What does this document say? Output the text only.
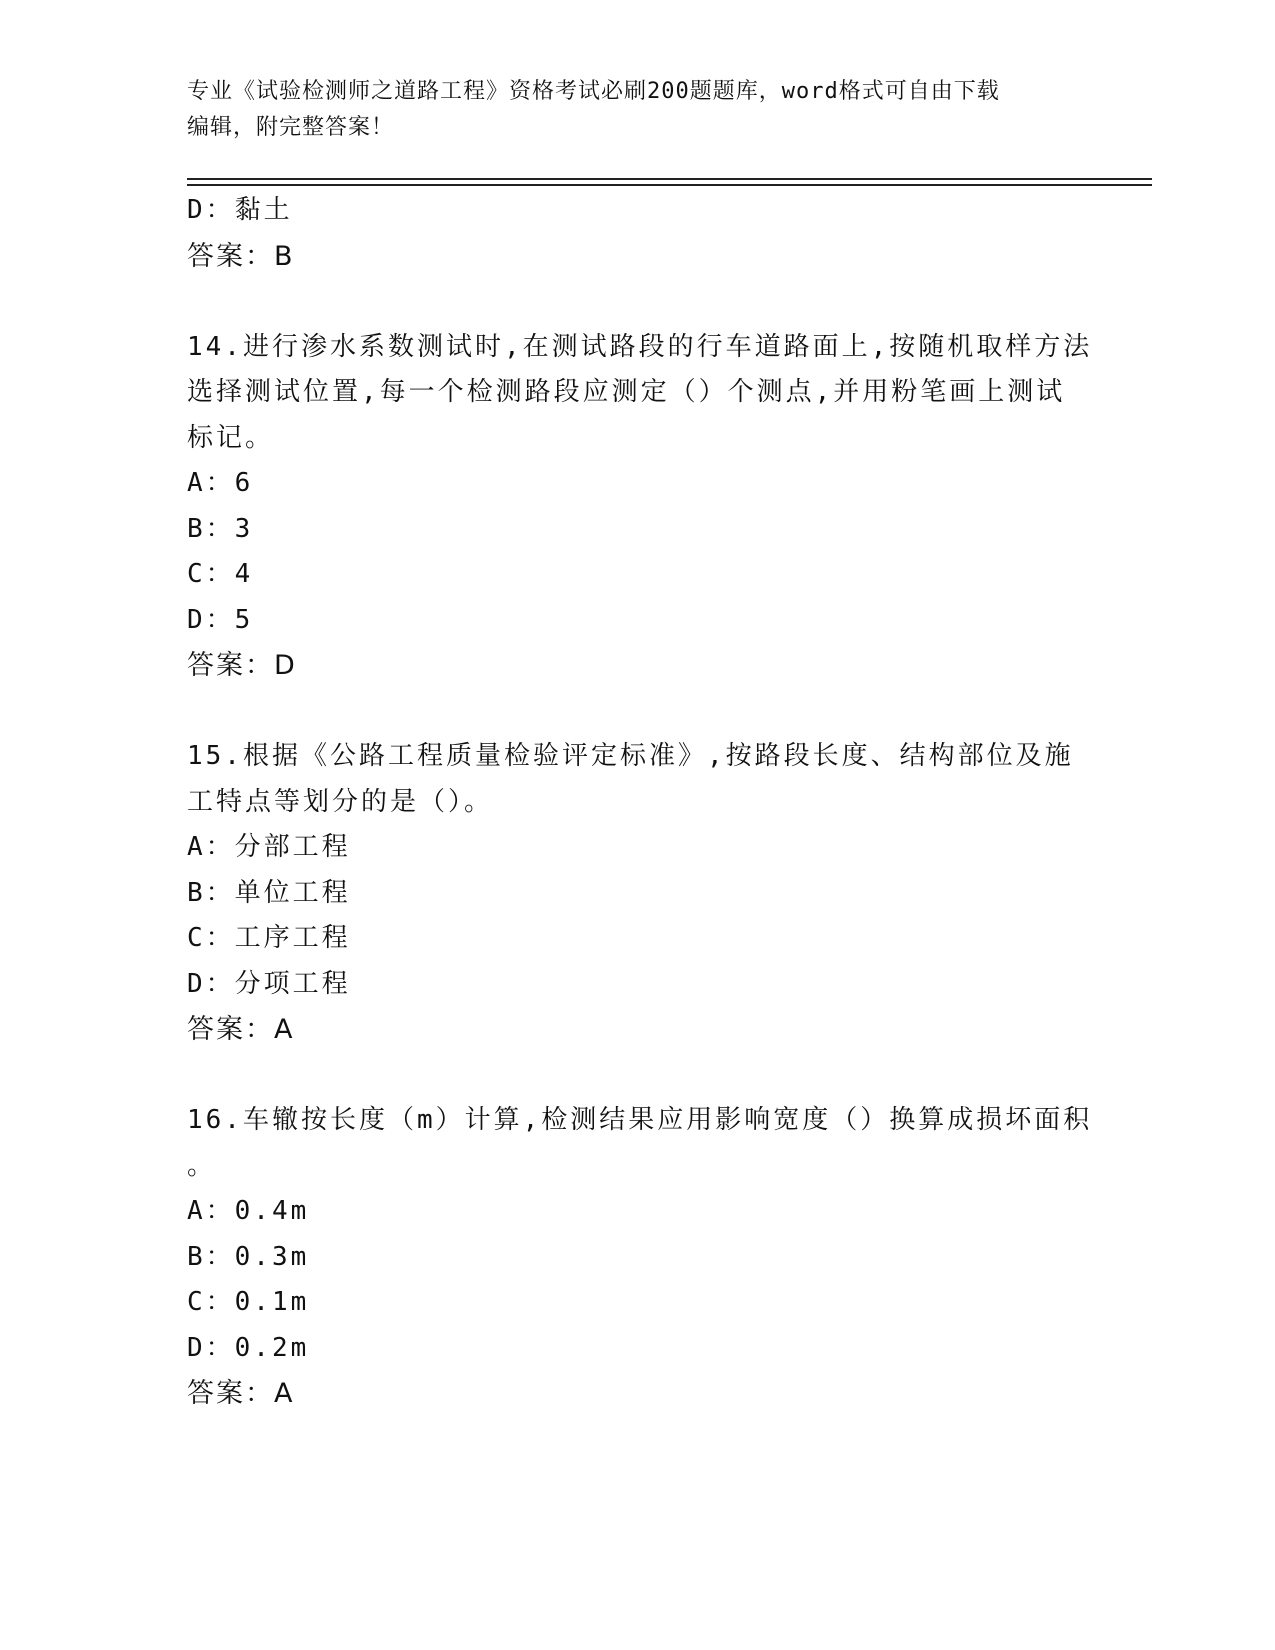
专业《试验检测师之道路工程》资格考试必刷200题题库，word格式可自由下载
编辑，附完整答案！
D：黏土
答案：B
14.进行渗水系数测试时,在测试路段的行车道路面上,按随机取样方法
选择测试位置,每一个检测路段应测定（）个测点,并用粉笔画上测试
标记。
A：6
B：3
C：4
D：5
答案：D
15.根据《公路工程质量检验评定标准》,按路段长度、结构部位及施
工特点等划分的是（）。
A：分部工程
B：单位工程
C：工序工程
D：分项工程
答案：A
16.车辙按长度（m）计算,检测结果应用影响宽度（）换算成损坏面积
。
A：0.4m
B：0.3m
C：0.1m
D：0.2m
答案：A
